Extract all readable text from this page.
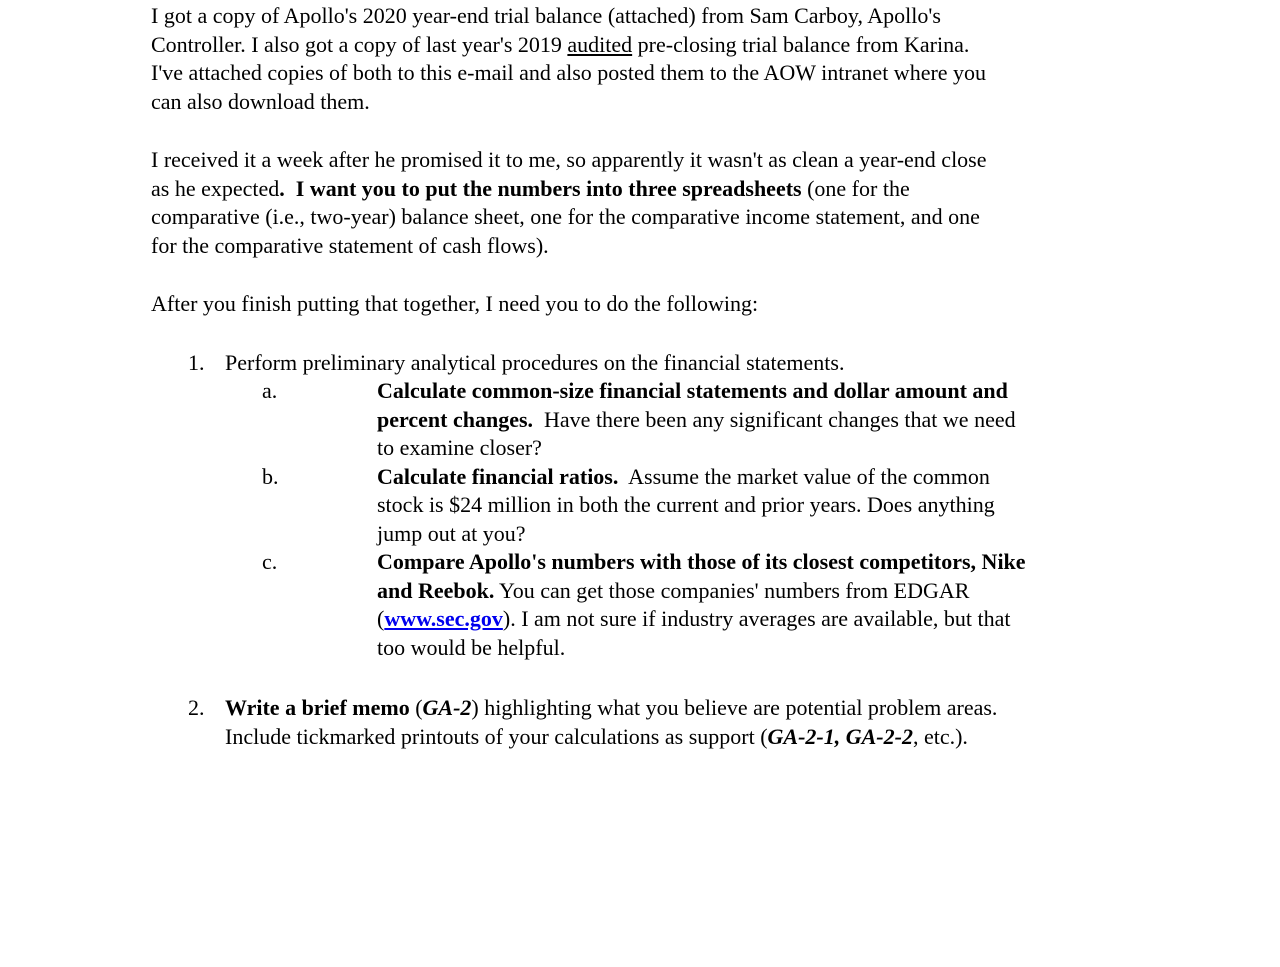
I got a copy of Apollo's 2020 year-end trial balance (attached) from Sam Carboy, Apollo's
Controller. I also got a copy of last year's 2019 audited pre-closing trial balance from Karina.
I've attached copies of both to this e-mail and also posted them to the AOW intranet where you
can also download them.
I received it a week after he promised it to me, so apparently it wasn't as clean a year-end close
as he expected.  I want you to put the numbers into three spreadsheets (one for the
comparative (i.e., two-year) balance sheet, one for the comparative income statement, and one
for the comparative statement of cash flows).
After you finish putting that together, I need you to do the following:
1. Perform preliminary analytical procedures on the financial statements.
a.	Calculate common-size financial statements and dollar amount and
percent changes.  Have there been any significant changes that we need
to examine closer?
b.	Calculate financial ratios.  Assume the market value of the common
stock is $24 million in both the current and prior years. Does anything
jump out at you?
c.	Compare Apollo's numbers with those of its closest competitors, Nike
and Reebok. You can get those companies' numbers from EDGAR
(www.sec.gov). I am not sure if industry averages are available, but that
too would be helpful.
2. Write a brief memo (GA-2) highlighting what you believe are potential problem areas.
Include tickmarked printouts of your calculations as support (GA-2-1, GA-2-2, etc.).
